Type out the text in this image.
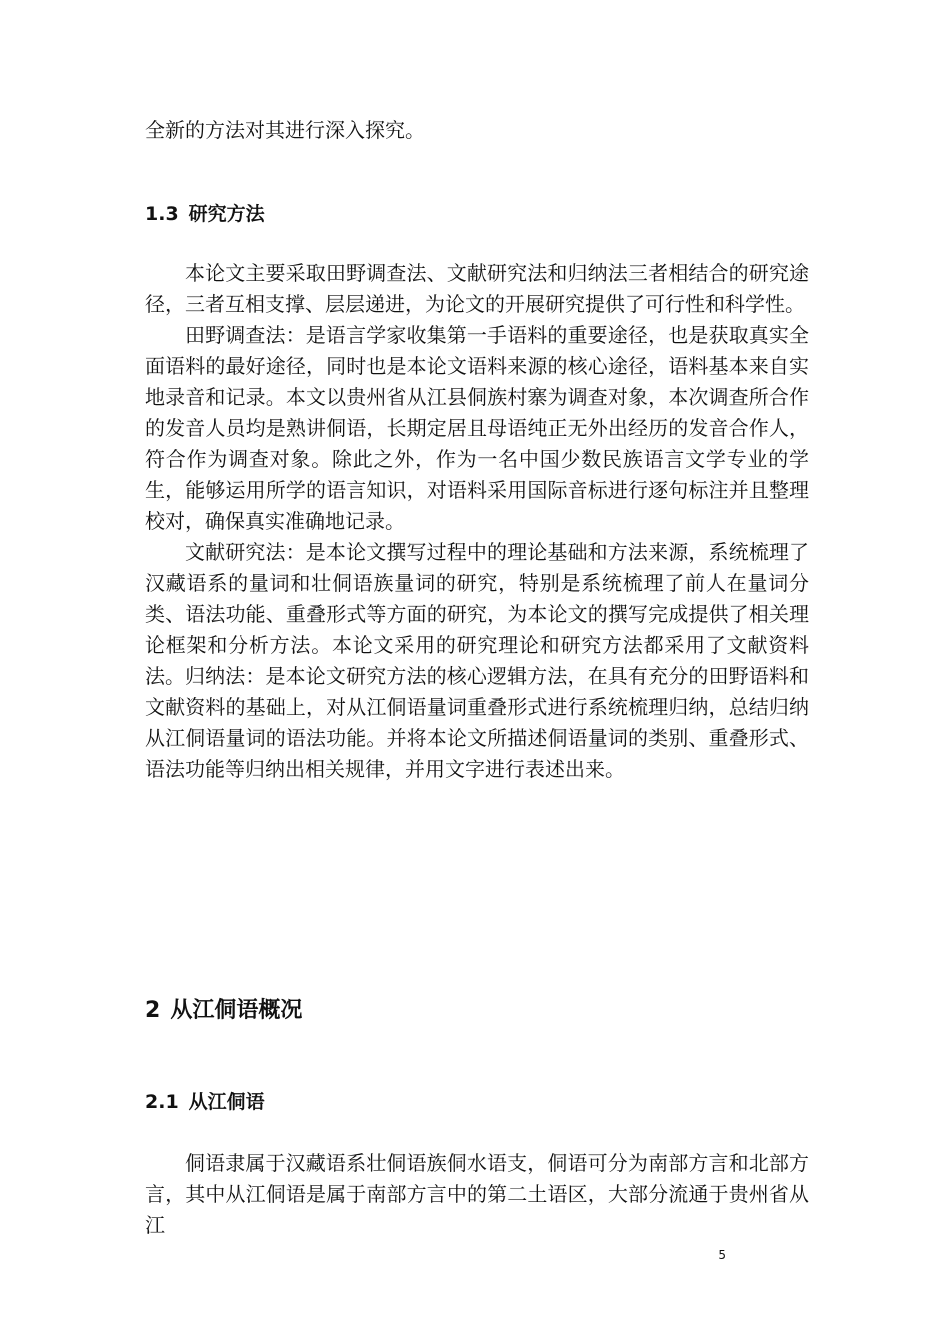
全新的方法对其进行深入探究。

1.3 研究方法

本论文主要采取田野调查法、文献研究法和归纳法三者相结合的研究途径，三者互相支撑、层层递进，为论文的开展研究提供了可行性和科学性。

田野调查法：是语言学家收集第一手语料的重要途径，也是获取真实全面语料的最好途径，同时也是本论文语料来源的核心途径，语料基本来自实地录音和记录。本文以贵州省从江县侗族村寨为调查对象，本次调查所合作的发音人员均是熟讲侗语，长期定居且母语纯正无外出经历的发音合作人，符合作为调查对象。除此之外，作为一名中国少数民族语言文学专业的学生，能够运用所学的语言知识，对语料采用国际音标进行逐句标注并且整理校对，确保真实准确地记录。

文献研究法：是本论文撰写过程中的理论基础和方法来源，系统梳理了汉藏语系的量词和壮侗语族量词的研究，特别是系统梳理了前人在量词分类、语法功能、重叠形式等方面的研究，为本论文的撰写完成提供了相关理论框架和分析方法。本论文采用的研究理论和研究方法都采用了文献资料法。 归纳法：是本论文研究方法的核心逻辑方法，在具有充分的田野语料和文献资料的基础上，对从江侗语量词重叠形式进行系统梳理归纳，总结归纳从江侗语量词的语法功能。并将本论文所描述侗语量词的类别、重叠形式、语法功能等归纳出相关规律，并用文字进行表述出来。

2 从江侗语概况
2.1 从江侗语

侗语隶属于汉藏语系壮侗语族侗水语支，侗语可分为南部方言和北部方言，其中从江侗语是属于南部方言中的第二土语区，大部分流通于贵州省从江

5
